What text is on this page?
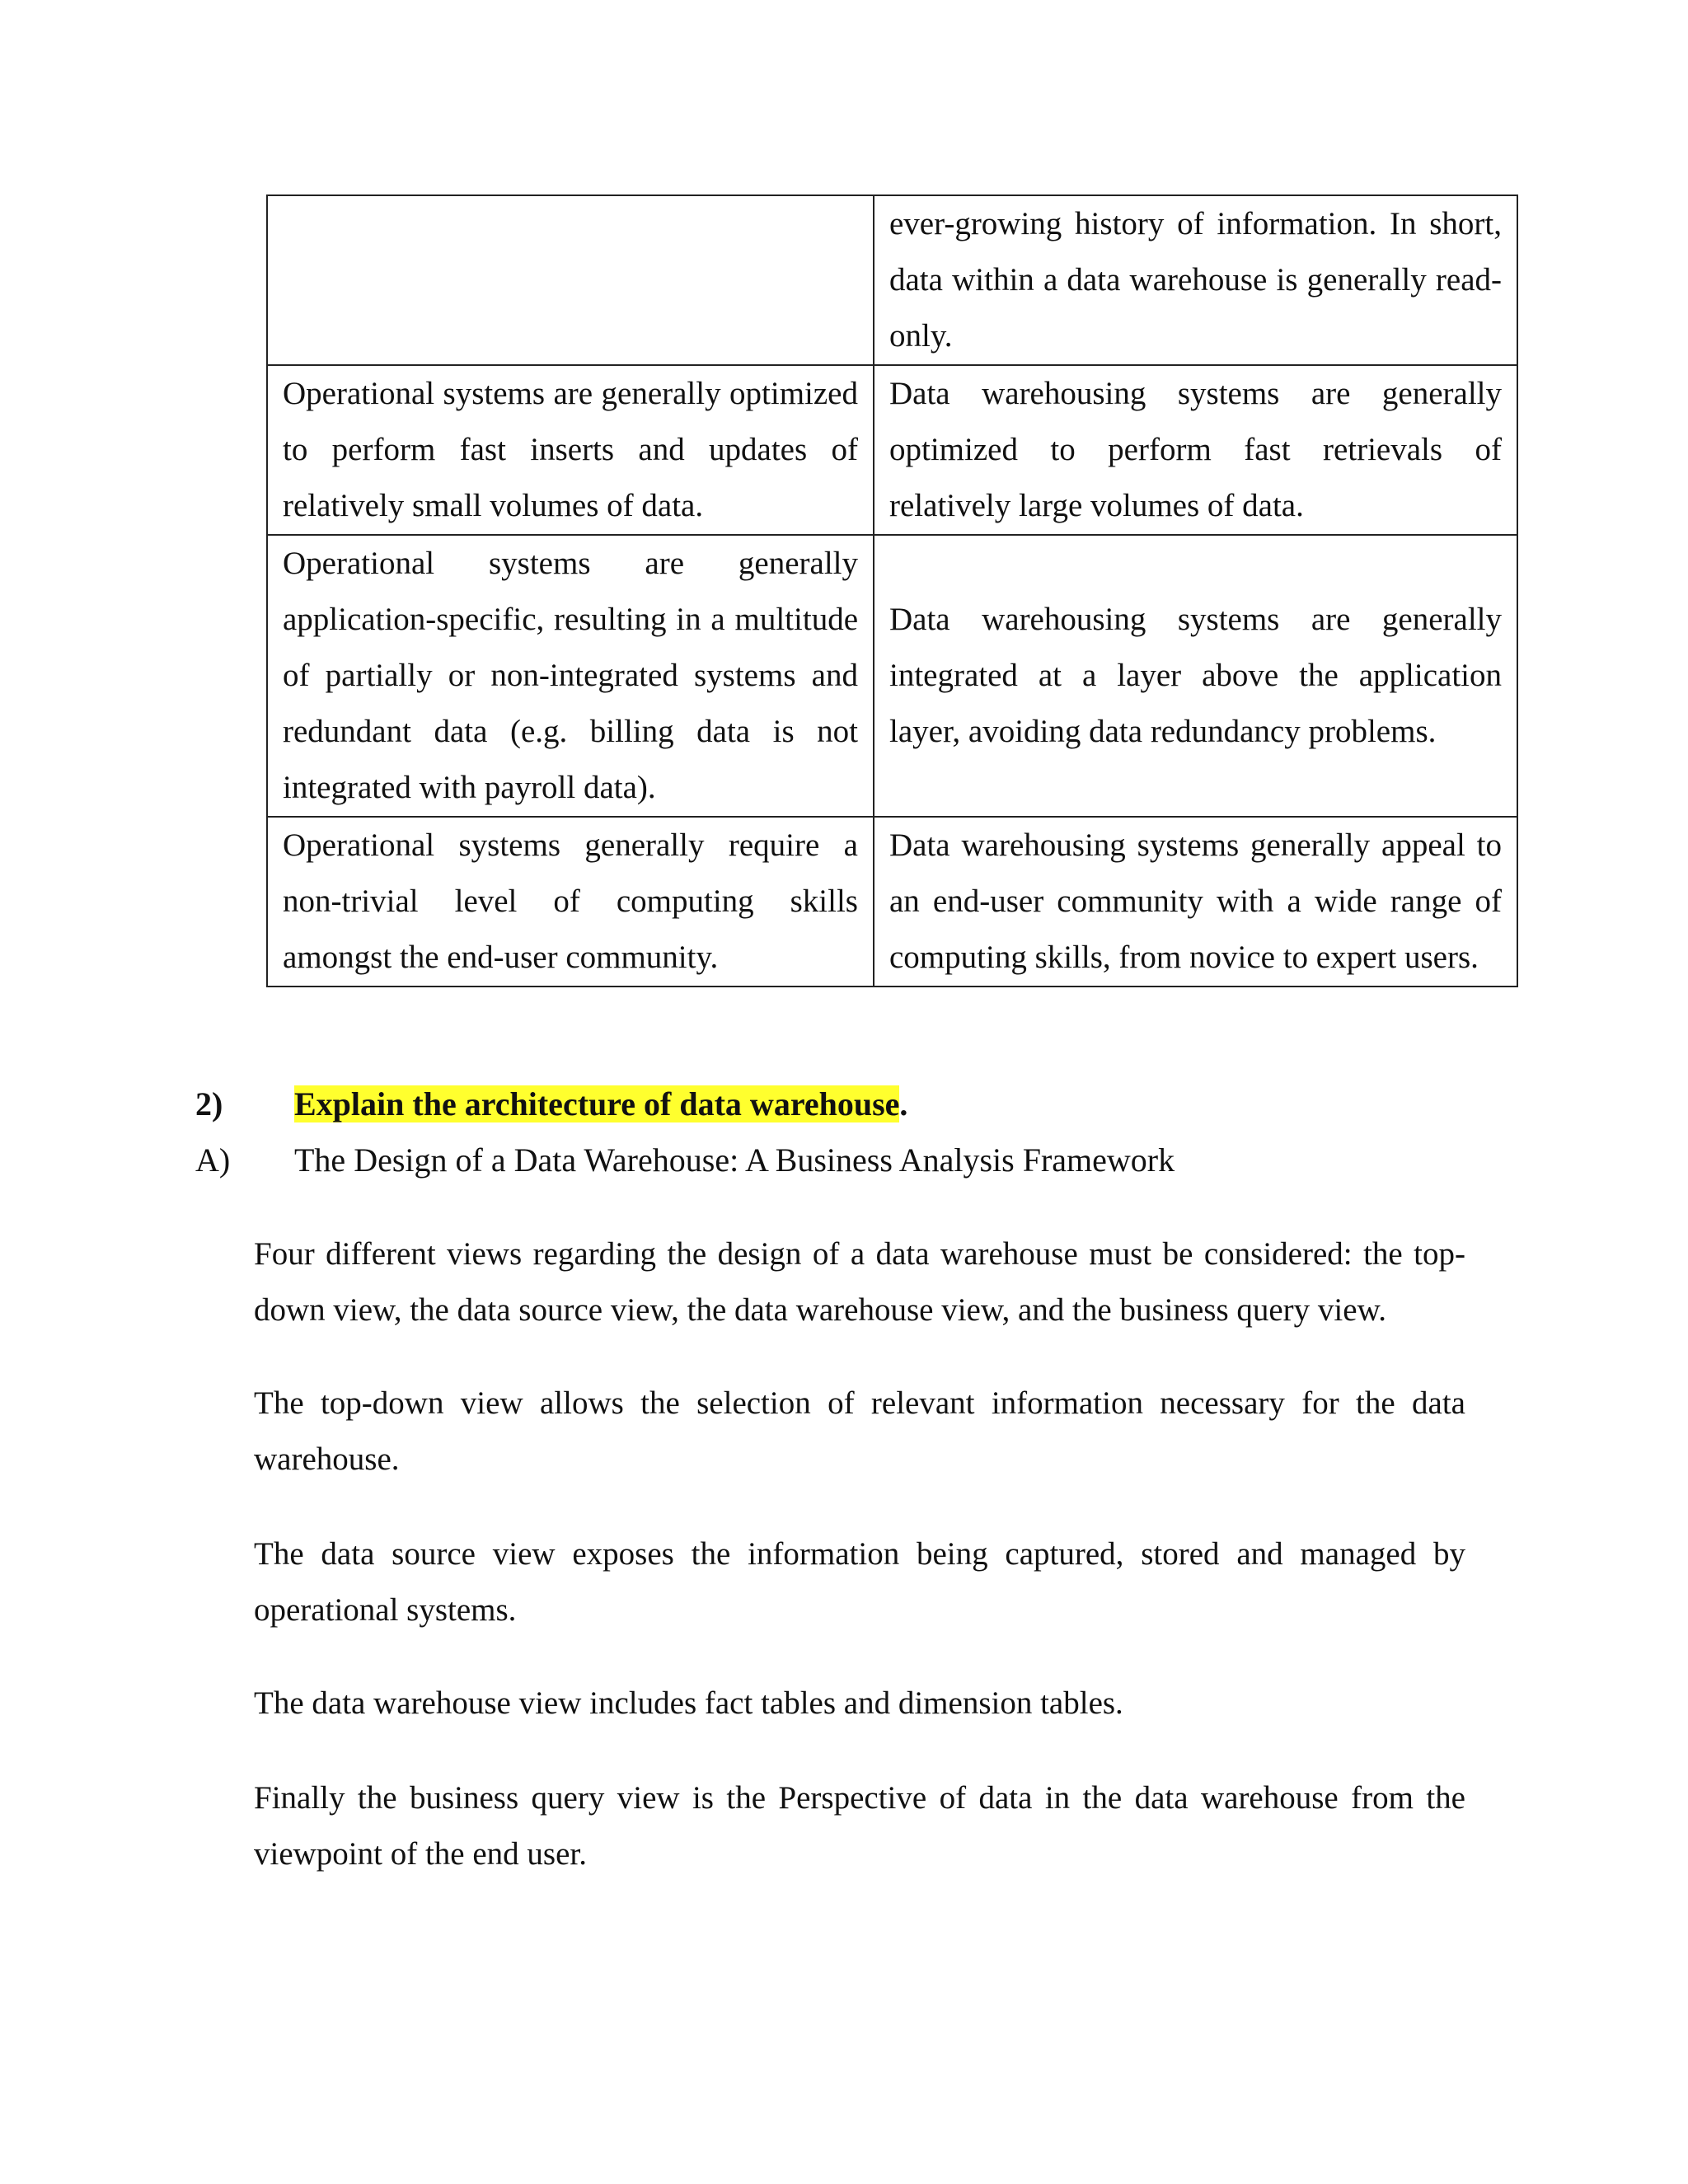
	ever-growing history of information. In short, data within a data warehouse is generally read-only.
Operational systems are generally optimized to perform fast inserts and updates of relatively small volumes of data.	Data warehousing systems are generally optimized to perform fast retrievals of relatively large volumes of data.
Operational systems are generally application-specific, resulting in a multitude of partially or non-integrated systems and redundant data (e.g. billing data is not integrated with payroll data).	Data warehousing systems are generally integrated at a layer above the application layer, avoiding data redundancy problems.
Operational systems generally require a non-trivial level of computing skills amongst the end-user community.	Data warehousing systems generally appeal to an end-user community with a wide range of computing skills, from novice to expert users.
2) Explain the architecture of data warehouse.
A) The Design of a Data Warehouse: A Business Analysis Framework

Four different views regarding the design of a data warehouse must be considered: the top-down view, the data source view, the data warehouse view, and the business query view.

The top-down view allows the selection of relevant information necessary for the data warehouse.

The data source view exposes the information being captured, stored and managed by operational systems.

The data warehouse view includes fact tables and dimension tables.

Finally the business query view is the Perspective of data in the data warehouse from the viewpoint of the end user.
